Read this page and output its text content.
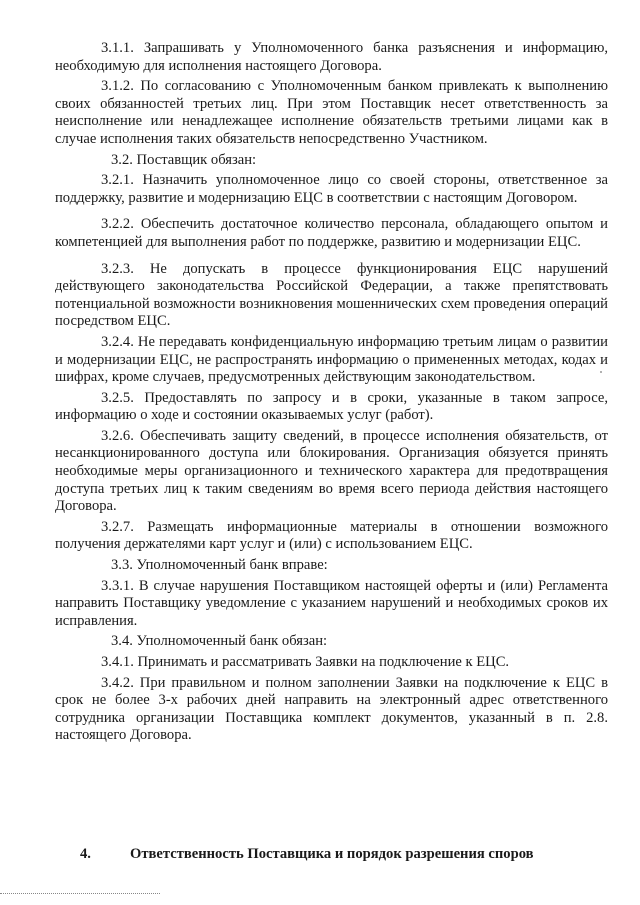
3.1.1. Запрашивать у Уполномоченного банка разъяснения и информацию, необходимую для исполнения настоящего Договора.

3.1.2. По согласованию с Уполномоченным банком привлекать к выполнению своих обязанностей третьих лиц. При этом Поставщик несет ответственность за неисполнение или ненадлежащее исполнение обязательств третьими лицами как в случае исполнения таких обязательств непосредственно Участником.

3.2. Поставщик обязан:

3.2.1. Назначить уполномоченное лицо со своей стороны, ответственное за поддержку, развитие и модернизацию ЕЦС в соответствии с настоящим Договором.

3.2.2. Обеспечить достаточное количество персонала, обладающего опытом и компетенцией для выполнения работ по поддержке, развитию и модернизации ЕЦС.

3.2.3. Не допускать в процессе функционирования ЕЦС нарушений действующего законодательства Российской Федерации, а также препятствовать потенциальной возможности возникновения мошеннических схем проведения операций посредством ЕЦС.

3.2.4. Не передавать конфиденциальную информацию третьим лицам о развитии и модернизации ЕЦС, не распространять информацию о примененных методах, кодах и шифрах, кроме случаев, предусмотренных действующим законодательством.

3.2.5. Предоставлять по запросу и в сроки, указанные в таком запросе, информацию о ходе и состоянии оказываемых услуг (работ).

3.2.6. Обеспечивать защиту сведений, в процессе исполнения обязательств, от несанкционированного доступа или блокирования. Организация обязуется принять необходимые меры организационного и технического характера для предотвращения доступа третьих лиц к таким сведениям во время всего периода действия настоящего Договора.

3.2.7. Размещать информационные материалы в отношении возможного получения держателями карт услуг и (или) с использованием ЕЦС.

3.3. Уполномоченный банк вправе:

3.3.1. В случае нарушения Поставщиком настоящей оферты и (или) Регламента направить Поставщику уведомление с указанием нарушений и необходимых сроков их исправления.

3.4. Уполномоченный банк обязан:

3.4.1. Принимать и рассматривать Заявки на подключение к ЕЦС.

3.4.2. При правильном и полном заполнении Заявки на подключение к ЕЦС в срок не более 3-х рабочих дней направить на электронный адрес ответственного сотрудника организации Поставщика комплект документов, указанный в п. 2.8. настоящего Договора.

4.	Ответственность Поставщика и порядок разрешения споров
